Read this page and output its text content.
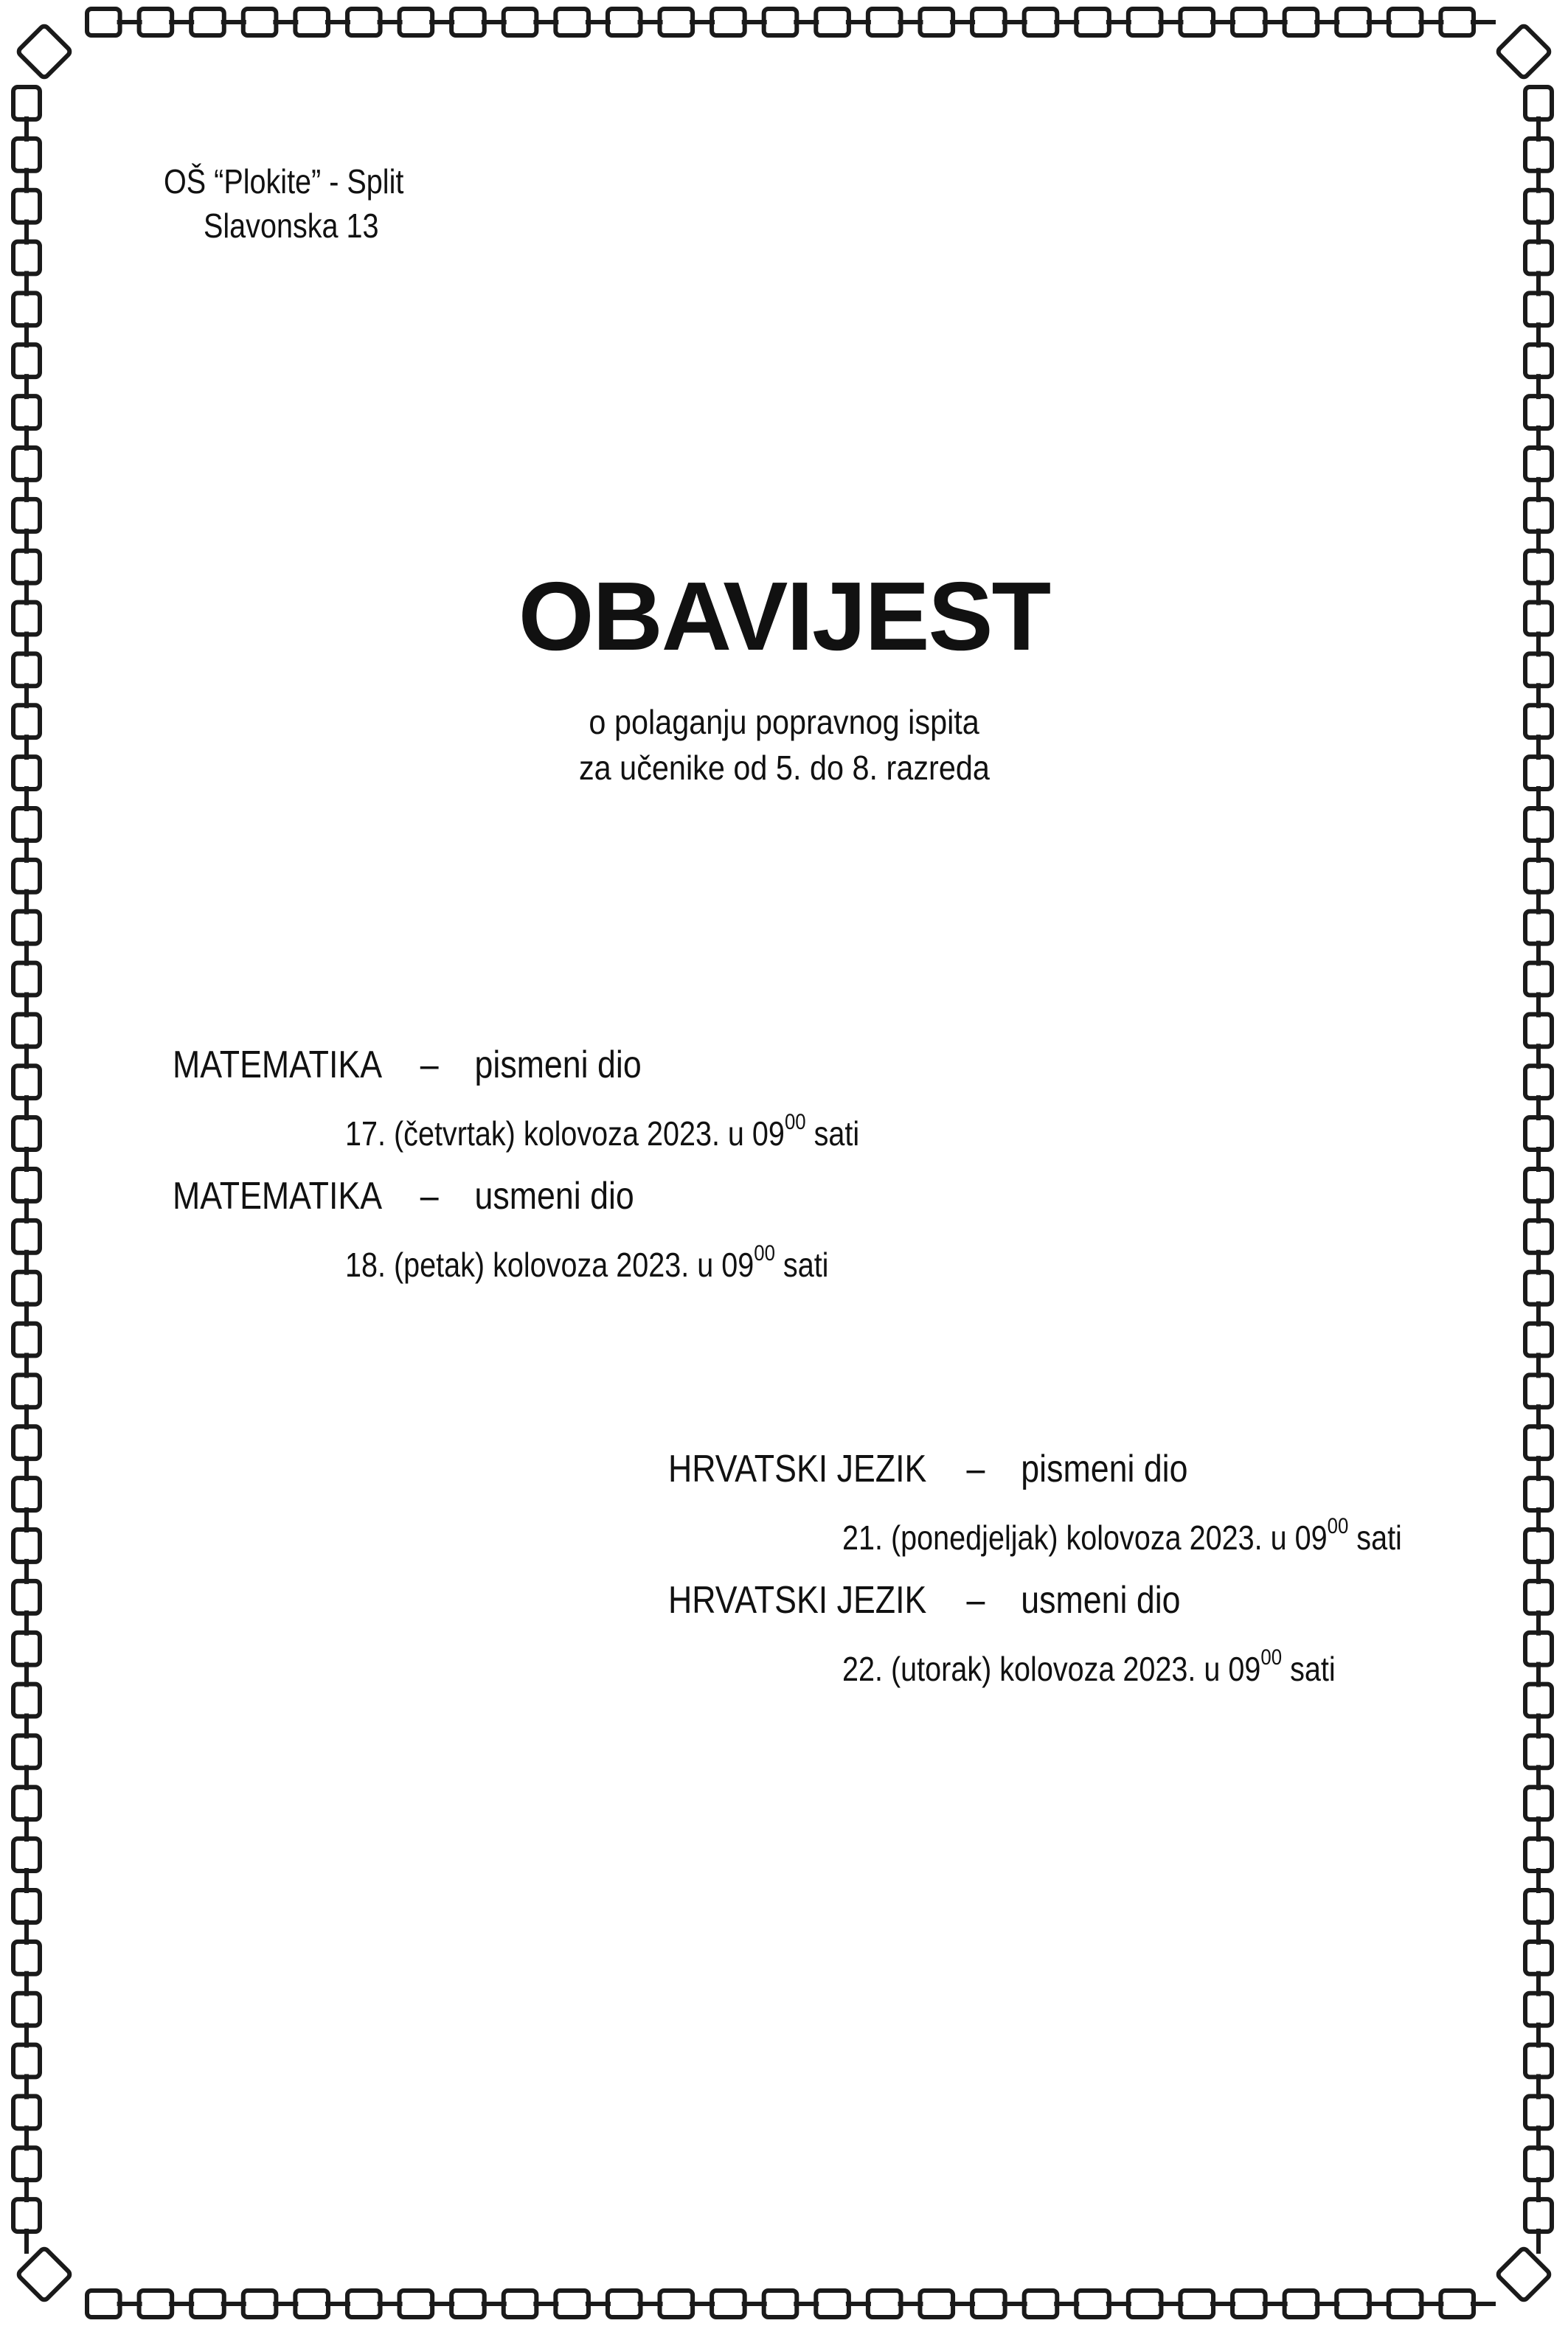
OŠ “Plokite” - Split
Slavonska 13
OBAVIJEST
o polaganju popravnog ispita
za učenike od 5. do 8. razreda
MATEMATIKA – pismeni dio
17. (četvrtak) kolovoza 2023. u $09^{00}$ sati
MATEMATIKA – usmeni dio
18. (petak) kolovoza 2023. u $09^{00}$ sati
HRVATSKI JEZIK – pismeni dio
21. (ponedjeljak) kolovoza 2023. u $09^{00}$ sati
HRVATSKI JEZIK – usmeni dio
22. (utorak) kolovoza 2023. u $09^{00}$ sati
